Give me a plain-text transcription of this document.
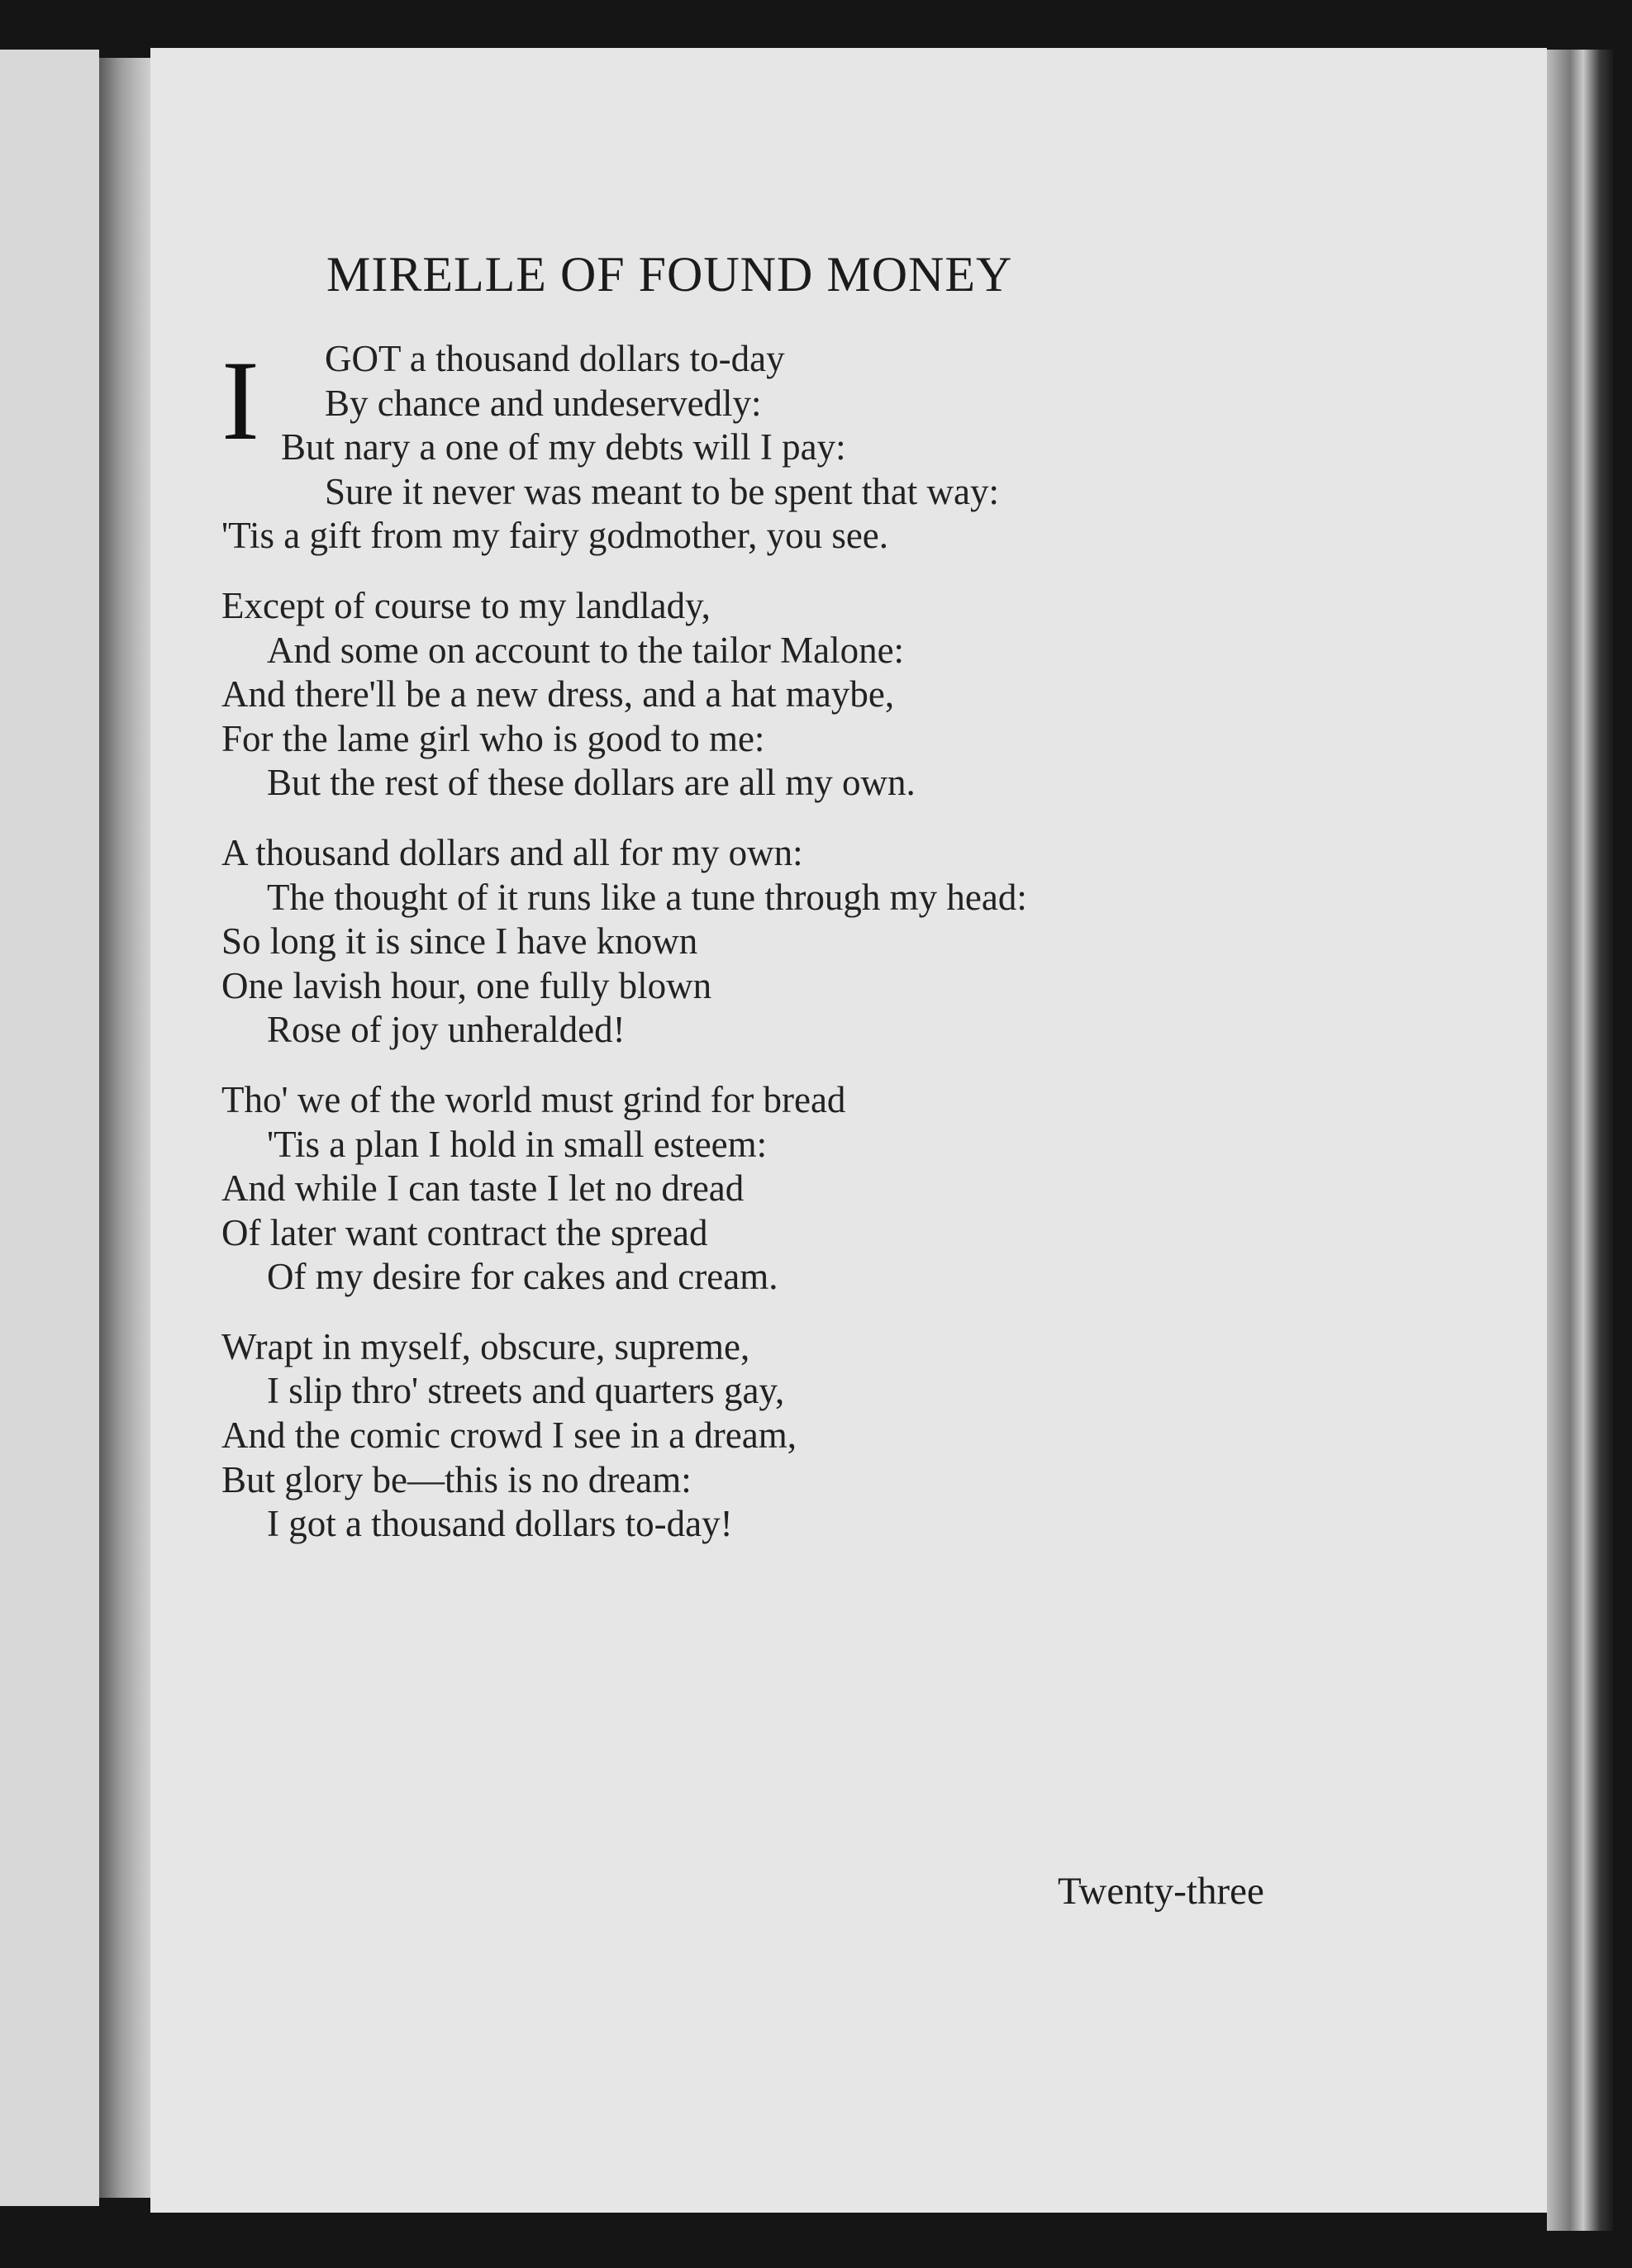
MIRELLE OF FOUND MONEY
I	GOT a thousand dollars to-day
By chance and undeservedly:
But nary a one of my debts will I pay:
Sure it never was meant to be spent that way:
'Tis a gift from my fairy godmother, you see.
Except of course to my landlady,
And some on account to the tailor Malone:
And there'll be a new dress, and a hat maybe,
For the lame girl who is good to me:
But the rest of these dollars are all my own.
A thousand dollars and all for my own:
The thought of it runs like a tune through my head:
So long it is since I have known
One lavish hour, one fully blown
Rose of joy unheralded!
Tho' we of the world must grind for bread
'Tis a plan I hold in small esteem:
And while I can taste I let no dread
Of later want contract the spread
Of my desire for cakes and cream.
Wrapt in myself, obscure, supreme,
I slip thro' streets and quarters gay,
And the comic crowd I see in a dream,
But glory be—this is no dream:
I got a thousand dollars to-day!
Twenty-three
